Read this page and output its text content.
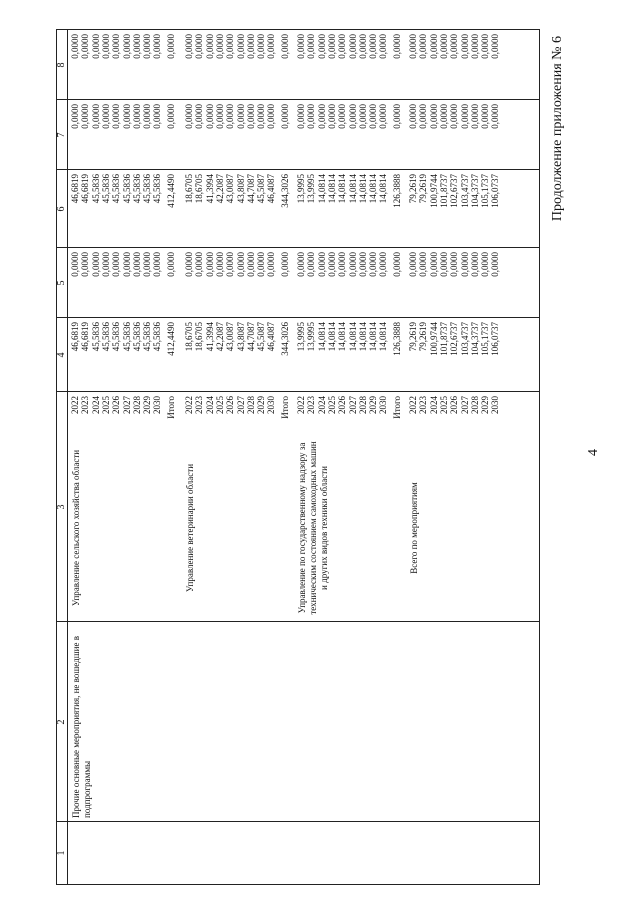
4
Продолжение приложения № 6
1
2
3
4
5
6
7
8
Прочие основные мероприятия, не вошедшие в подпрограммы
Управление сельского хозяйства области
2022
46,6819
0,0000
46,6819
0,0000
0,0000
2023
46,6819
0,0000
46,6819
0,0000
0,0000
2024
45,5836
0,0000
45,5836
0,0000
0,0000
2025
45,5836
0,0000
45,5836
0,0000
0,0000
2026
45,5836
0,0000
45,5836
0,0000
0,0000
2027
45,5836
0,0000
45,5836
0,0000
0,0000
2028
45,5836
0,0000
45,5836
0,0000
0,0000
2029
45,5836
0,0000
45,5836
0,0000
0,0000
2030
45,5836
0,0000
45,5836
0,0000
0,0000
Итого
412,4490
0,0000
412,4490
0,0000
0,0000
Управление ветеринарии области
2022
18,6705
0,0000
18,6705
0,0000
0,0000
2023
18,6705
0,0000
18,6705
0,0000
0,0000
2024
41,3994
0,0000
41,3994
0,0000
0,0000
2025
42,2087
0,0000
42,2087
0,0000
0,0000
2026
43,0087
0,0000
43,0087
0,0000
0,0000
2027
43,8087
0,0000
43,8087
0,0000
0,0000
2028
44,7087
0,0000
44,7087
0,0000
0,0000
2029
45,5087
0,0000
45,5087
0,0000
0,0000
2030
46,4087
0,0000
46,4087
0,0000
0,0000
Итого
344,3026
0,0000
344,3026
0,0000
0,0000
Управление по государственному надзору за техническим состоянием самоходных машин и других видов техники области
2022
13,9995
0,0000
13,9995
0,0000
0,0000
2023
13,9995
0,0000
13,9995
0,0000
0,0000
2024
14,0814
0,0000
14,0814
0,0000
0,0000
2025
14,0814
0,0000
14,0814
0,0000
0,0000
2026
14,0814
0,0000
14,0814
0,0000
0,0000
2027
14,0814
0,0000
14,0814
0,0000
0,0000
2028
14,0814
0,0000
14,0814
0,0000
0,0000
2029
14,0814
0,0000
14,0814
0,0000
0,0000
2030
14,0814
0,0000
14,0814
0,0000
0,0000
Итого
126,3888
0,0000
126,3888
0,0000
0,0000
Всего по мероприятиям
2022
79,2619
0,0000
79,2619
0,0000
0,0000
2023
79,2619
0,0000
79,2619
0,0000
0,0000
2024
100,9744
0,0000
100,9744
0,0000
0,0000
2025
101,8737
0,0000
101,8737
0,0000
0,0000
2026
102,6737
0,0000
102,6737
0,0000
0,0000
2027
103,4737
0,0000
103,4737
0,0000
0,0000
2028
104,3737
0,0000
104,3737
0,0000
0,0000
2029
105,1737
0,0000
105,1737
0,0000
0,0000
2030
106,0737
0,0000
106,0737
0,0000
0,0000
